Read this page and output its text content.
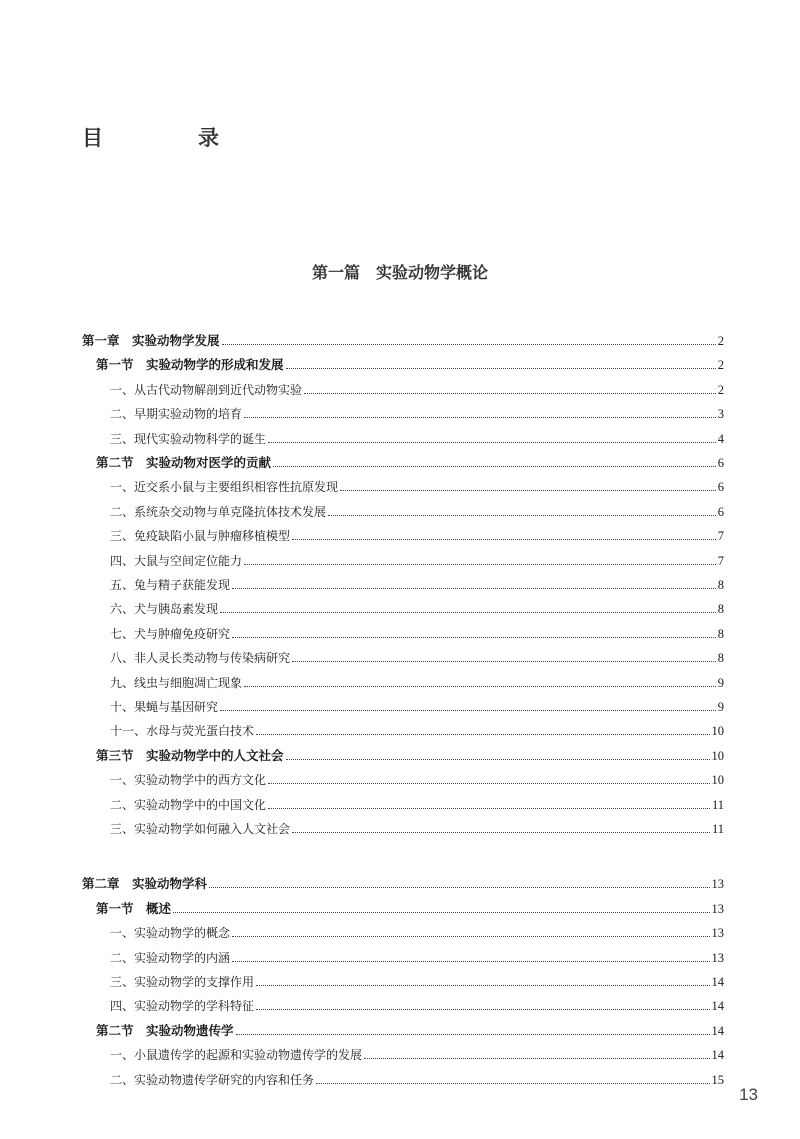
目　录
第一篇　实验动物学概论
第一章　实验动物学发展	2
第一节　实验动物学的形成和发展	2
一、从古代动物解剖到近代动物实验	2
二、早期实验动物的培育	3
三、现代实验动物科学的诞生	4
第二节　实验动物对医学的贡献	6
一、近交系小鼠与主要组织相容性抗原发现	6
二、系统杂交动物与单克隆抗体技术发展	6
三、免疫缺陷小鼠与肿瘤移植模型	7
四、大鼠与空间定位能力	7
五、兔与精子获能发现	8
六、犬与胰岛素发现	8
七、犬与肿瘤免疫研究	8
八、非人灵长类动物与传染病研究	8
九、线虫与细胞凋亡现象	9
十、果蝇与基因研究	9
十一、水母与荧光蛋白技术	10
第三节　实验动物学中的人文社会	10
一、实验动物学中的西方文化	10
二、实验动物学中的中国文化	11
三、实验动物学如何融入人文社会	11
第二章　实验动物学科	13
第一节　概述	13
一、实验动物学的概念	13
二、实验动物学的内涵	13
三、实验动物学的支撑作用	14
四、实验动物学的学科特征	14
第二节　实验动物遗传学	14
一、小鼠遗传学的起源和实验动物遗传学的发展	14
二、实验动物遗传学研究的内容和任务	15
13
